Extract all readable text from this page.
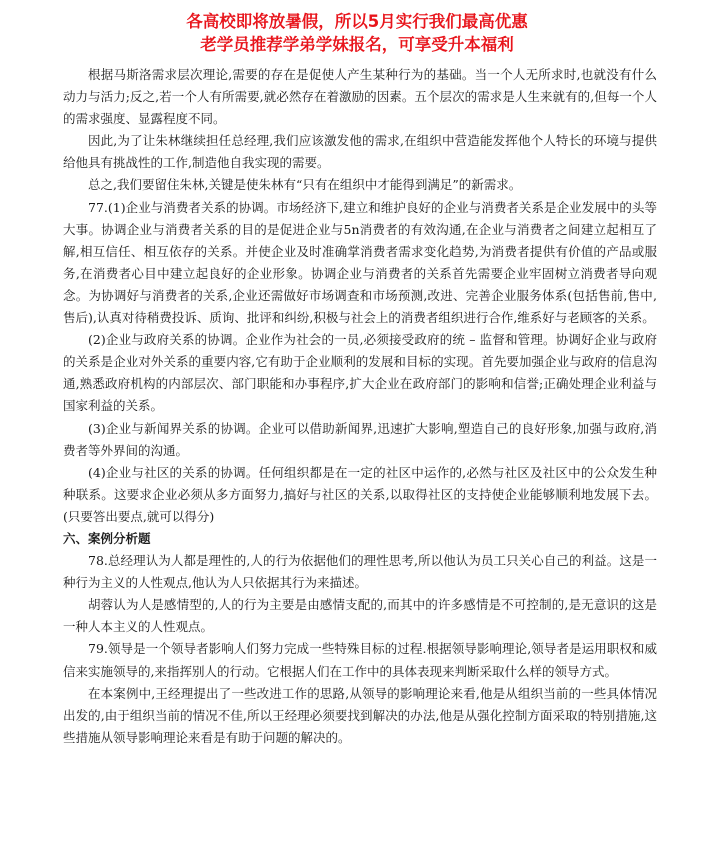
各高校即将放暑假，所以5月实行我们最高优惠
老学员推荐学弟学妹报名，可享受升本福利

根据马斯洛需求层次理论,需要的存在是促使人产生某种行为的基础。当一个人无所求时,也就没有什么动力与活力;反之,若一个人有所需要,就必然存在着激励的因素。五个层次的需求是人生来就有的,但每一个人的需求强度、显露程度不同。

因此,为了让朱林继续担任总经理,我们应该激发他的需求,在组织中营造能发挥他个人特长的环境与提供给他具有挑战性的工作,制造他自我实现的需要。

总之,我们要留住朱林,关键是使朱林有“只有在组织中才能得到满足”的新需求。

77.(1)企业与消费者关系的协调。市场经济下,建立和维护良好的企业与消费者关系是企业发展中的头等大事。协调企业与消费者关系的目的是促进企业与5n消费者的有效沟通,在企业与消费者之间建立起相互了解,相互信任、相互依存的关系。并使企业及时准确掌消费者需求变化趋势,为消费者提供有价值的产品或服务,在消费者心目中建立起良好的企业形象。协调企业与消费者的关系首先需要企业牢固树立消费者导向观念。为协调好与消费者的关系,企业还需做好市场调查和市场预测,改进、完善企业服务体系(包括售前,售中,售后),认真对待稍费投诉、质询、批评和纠纷,积极与社会上的消费者组织进行合作,维系好与老顾客的关系。

(2)企业与政府关系的协调。企业作为社会的一员,必须接受政府的统 – 监督和管理。协调好企业与政府的关系是企业对外关系的重要内容,它有助于企业顺利的发展和目标的实现。首先要加强企业与政府的信息沟通,熟悉政府机构的内部层次、部门职能和办事程序,扩大企业在政府部门的影响和信誉;正确处理企业利益与国家利益的关系。

(3)企业与新闻界关系的协调。企业可以借助新闻界,迅速扩大影响,塑造自己的良好形象,加强与政府,消费者等外界间的沟通。

(4)企业与社区的关系的协调。任何组织都是在一定的社区中运作的,必然与社区及社区中的公众发生种种联系。这要求企业必须从多方面努力,搞好与社区的关系,以取得社区的支持使企业能够顺利地发展下去。(只要答出要点,就可以得分)

六、案例分析题

78.总经理认为人都是理性的,人的行为依据他们的理性思考,所以他认为员工只关心自己的利益。这是一种行为主义的人性观点,他认为人只依据其行为来描述。

胡蓉认为人是感情型的,人的行为主要是由感情支配的,而其中的许多感情是不可控制的,是无意识的这是一种人本主义的人性观点。

79.领导是一个领导者影响人们努力完成一些特殊目标的过程.根据领导影响理论,领导者是运用职权和威信来实施领导的,来指挥别人的行动。它根据人们在工作中的具体表现来判断采取什么样的领导方式。

在本案例中,王经理提出了一些改进工作的思路,从领导的影响理论来看,他是从组织当前的一些具体情况出发的,由于组织当前的情况不佳,所以王经理必须要找到解决的办法,他是从强化控制方面采取的特别措施,这些措施从领导影响理论来看是有助于问题的解决的。
